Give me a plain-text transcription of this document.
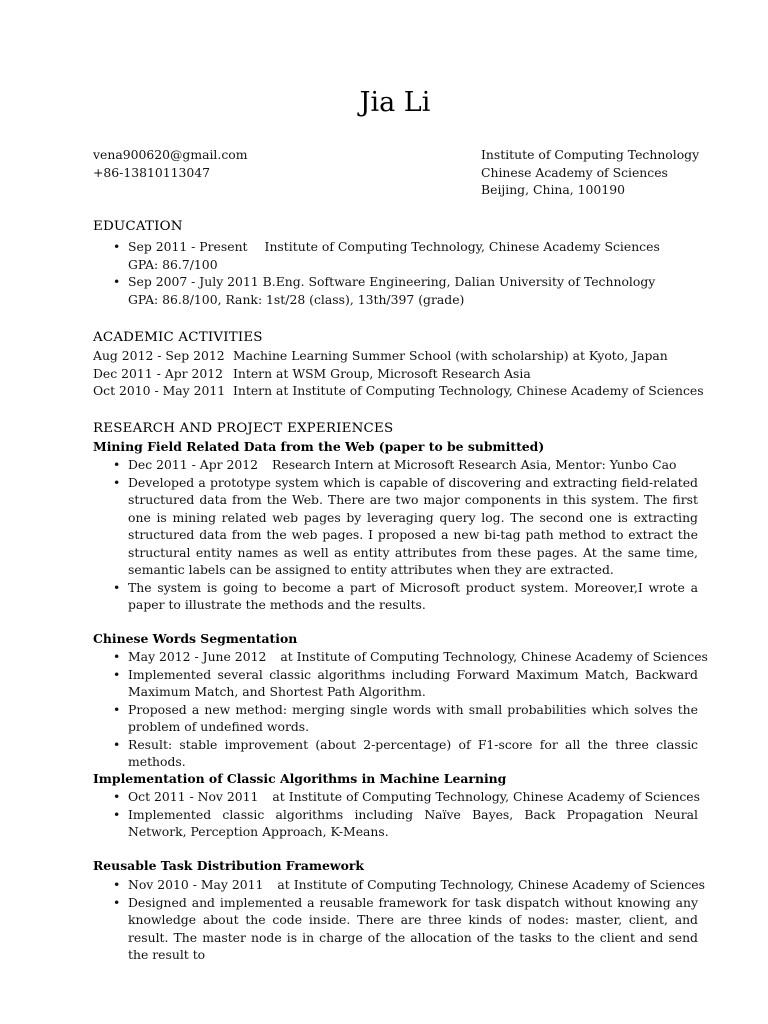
Jia Li
vena900620@gmail.com
+86-13810113047
Institute of Computing Technology
Chinese Academy of Sciences
Beijing, China, 100190
EDUCATION
• Sep 2011 - Present Institute of Computing Technology, Chinese Academy Sciences
GPA: 86.7/100
• Sep 2007 - July 2011 B.Eng. Software Engineering, Dalian University of Technology
GPA: 86.8/100, Rank: 1st/28 (class), 13th/397 (grade)
ACADEMIC ACTIVITIES
Aug 2012 - Sep 2012 Machine Learning Summer School (with scholarship) at Kyoto, Japan
Dec 2011 - Apr 2012 Intern at WSM Group, Microsoft Research Asia
Oct 2010 - May 2011 Intern at Institute of Computing Technology, Chinese Academy of Sciences
RESEARCH AND PROJECT EXPERIENCES
Mining Field Related Data from the Web (paper to be submitted)
• Dec 2011 - Apr 2012 Research Intern at Microsoft Research Asia, Mentor: Yunbo Cao
• Developed a prototype system which is capable of discovering and extracting field-related structured data from the Web. There are two major components in this system. The first one is mining related web pages by leveraging query log. The second one is extracting structured data from the web pages. I proposed a new bi-tag path method to extract the structural entity names as well as entity attributes from these pages. At the same time, semantic labels can be assigned to entity attributes when they are extracted.
• The system is going to become a part of Microsoft product system. Moreover,I wrote a paper to illustrate the methods and the results.
Chinese Words Segmentation
• May 2012 - June 2012 at Institute of Computing Technology, Chinese Academy of Sciences
• Implemented several classic algorithms including Forward Maximum Match, Backward Maximum Match, and Shortest Path Algorithm.
• Proposed a new method: merging single words with small probabilities which solves the problem of undefined words.
• Result: stable improvement (about 2-percentage) of F1-score for all the three classic methods.
Implementation of Classic Algorithms in Machine Learning
• Oct 2011 - Nov 2011 at Institute of Computing Technology, Chinese Academy of Sciences
• Implemented classic algorithms including Naïve Bayes, Back Propagation Neural Network, Perception Approach, K-Means.
Reusable Task Distribution Framework
• Nov 2010 - May 2011 at Institute of Computing Technology, Chinese Academy of Sciences
• Designed and implemented a reusable framework for task dispatch without knowing any knowledge about the code inside. There are three kinds of nodes: master, client, and result. The master node is in charge of the allocation of the tasks to the client and send the result to
